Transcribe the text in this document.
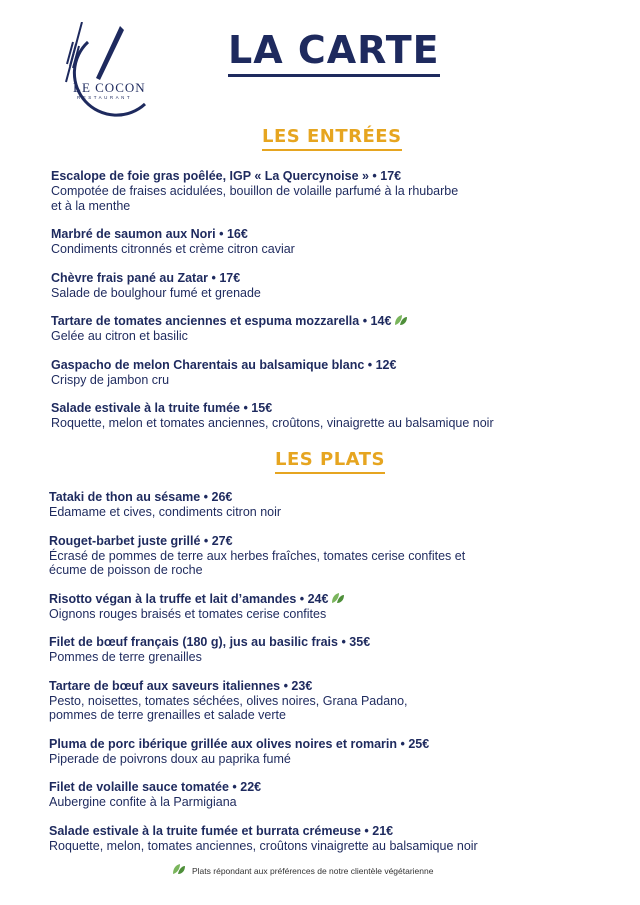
LE COCON
RESTAURANT
LA CARTE
LES ENTRÉES
Escalope de foie gras poêlée, IGP « La Quercynoise » • 17€
Compotée de fraises acidulées, bouillon de volaille parfumé à la rhubarbe
et à la menthe
Marbré de saumon aux Nori • 16€
Condiments citronnés et crème citron caviar
Chèvre frais pané au Zatar • 17€
Salade de boulghour fumé et grenade
Tartare de tomates anciennes et espuma mozzarella • 14€
Gelée au citron et basilic
Gaspacho de melon Charentais au balsamique blanc • 12€
Crispy de jambon cru
Salade estivale à la truite fumée • 15€
Roquette, melon et tomates anciennes, croûtons, vinaigrette au balsamique noir
LES PLATS
Tataki de thon au sésame • 26€
Edamame et cives, condiments citron noir
Rouget-barbet juste grillé • 27€
Écrasé de pommes de terre aux herbes fraîches, tomates cerise confites et
écume de poisson de roche
Risotto végan à la truffe et lait d’amandes • 24€
Oignons rouges braisés et tomates cerise confites
Filet de bœuf français (180 g), jus au basilic frais • 35€
Pommes de terre grenailles
Tartare de bœuf aux saveurs italiennes • 23€
Pesto, noisettes, tomates séchées, olives noires, Grana Padano,
pommes de terre grenailles et salade verte
Pluma de porc ibérique grillée aux olives noires et romarin • 25€
Piperade de poivrons doux au paprika fumé
Filet de volaille sauce tomatée • 22€
Aubergine confite à la Parmigiana
Salade estivale à la truite fumée et burrata crémeuse • 21€
Roquette, melon, tomates anciennes, croûtons vinaigrette au balsamique noir
Plats répondant aux préférences de notre clientèle végétarienne
